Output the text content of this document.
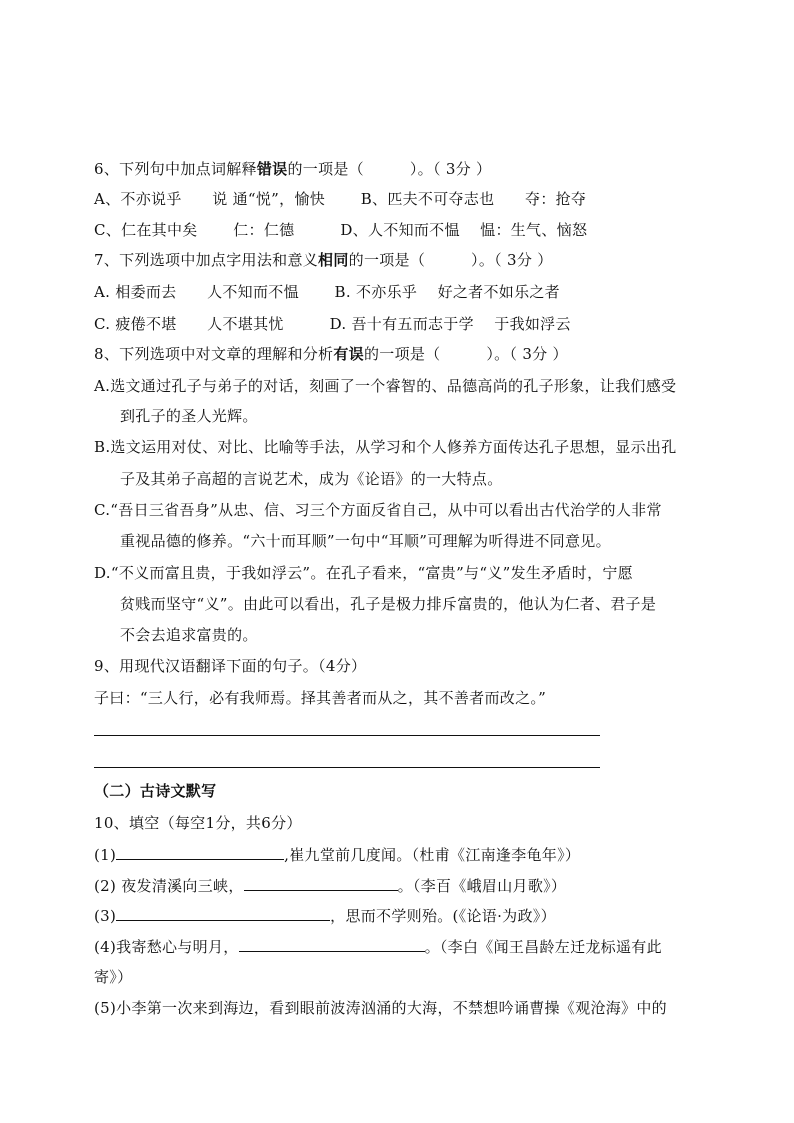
6、下列句中加点词解释错误的一项是（　　　）。（ 3分 ）
A、不亦说乎　　说 通“悦”，愉快　　 B、匹夫不可夺志也　　夺：抢夺
C、仁在其中矣　　 仁：仁德　　　D、人不知而不愠　 愠：生气、恼怒
7、下列选项中加点字用法和意义相同的一项是（　　　）。（ 3分 ）
A. 相委而去　　人不知而不愠　　 B. 不亦乐乎　 好之者不如乐之者
C. 疲倦不堪　　人不堪其忧　　　D. 吾十有五而志于学　 于我如浮云
8、下列选项中对文章的理解和分析有误的一项是（　　　）。（ 3分 ）
A.选文通过孔子与弟子的对话，刻画了一个睿智的、品德高尚的孔子形象，让我们感受
到孔子的圣人光辉。
B.选文运用对仗、对比、比喻等手法，从学习和个人修养方面传达孔子思想，显示出孔
子及其弟子高超的言说艺术，成为《论语》的一大特点。
C.“吾日三省吾身”从忠、信、习三个方面反省自己，从中可以看出古代治学的人非常
重视品德的修养。“六十而耳顺”一句中“耳顺”可理解为听得进不同意见。
D.“不义而富且贵，于我如浮云”。在孔子看来，“富贵”与“义”发生矛盾时，宁愿
贫贱而坚守“义”。由此可以看出，孔子是极力排斥富贵的，他认为仁者、君子是
不会去追求富贵的。
9、用现代汉语翻译下面的句子。（4分）
子曰：“三人行，必有我师焉。择其善者而从之，其不善者而改之。”
（二）古诗文默写
10、填空（每空1分，共6分）
(1)	,崔九堂前几度闻。（杜甫《江南逢李龟年》）
(2) 夜发清溪向三峡，	。（李百《峨眉山月歌》）
(3)	，思而不学则殆。(《论语·为政》）
(4)我寄愁心与明月，	。（李白《闻王昌龄左迁龙标遥有此
寄》）
(5)小李第一次来到海边，看到眼前波涛汹涌的大海，不禁想吟诵曹操《观沧海》中的
